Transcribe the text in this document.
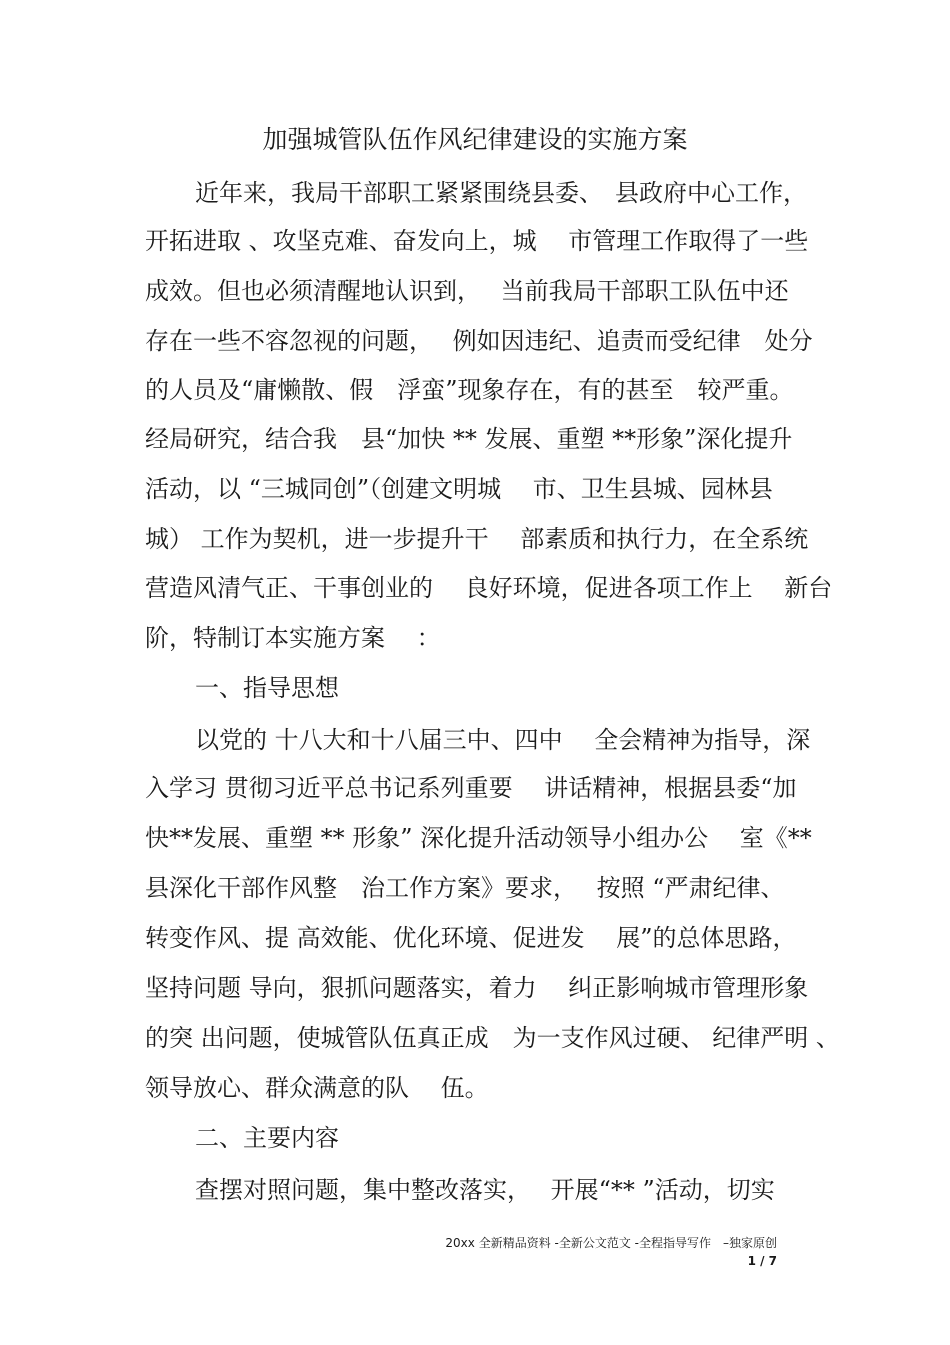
加强城管队伍作风纪律建设的实施方案
近年来，我局干部职工紧紧围绕县委、　县政府中心工作，
开拓进取 、攻坚克难、奋发向上，城　 市管理工作取得了一些
成效。但也必须清醒地认识到，　 当前我局干部职工队伍中还
存在一些不容忽视的问题，　 例如因违纪、追责而受纪律　处分
的人员及“庸懒散、假　浮蛮”现象存在，有的甚至　较严重。
经局研究，结合我　县“加快 ** 发展、重塑 **形象”深化提升
活动，以 “三城同创”（创建文明城　 市、卫生县城、园林县
城） 工作为契机，进一步提升干　 部素质和执行力，在全系统
营造风清气正、干事创业的　 良好环境，促进各项工作上　 新台
阶，特制订本实施方案　 ：
一、指导思想
以党的 十八大和十八届三中、四中　 全会精神为指导，深
入学习 贯彻习近平总书记系列重要　 讲话精神，根据县委“加
快**发展、重塑 ** 形象” 深化提升活动领导小组办公　 室《**
县深化干部作风整　治工作方案》要求，　 按照 “严肃纪律、
转变作风、提 高效能、优化环境、促进发　 展”的总体思路，
坚持问题 导向，狠抓问题落实，着力　 纠正影响城市管理形象
的突 出问题，使城管队伍真正成　为一支作风过硬、 纪律严明 、
领导放心、群众满意的队　 伍。
二、主要内容
查摆对照问题，集中整改落实，　 开展“** ”活动，切实
20xx 全新精品资料 -全新公文范文 -全程指导写作　–独家原创
1 / 7
